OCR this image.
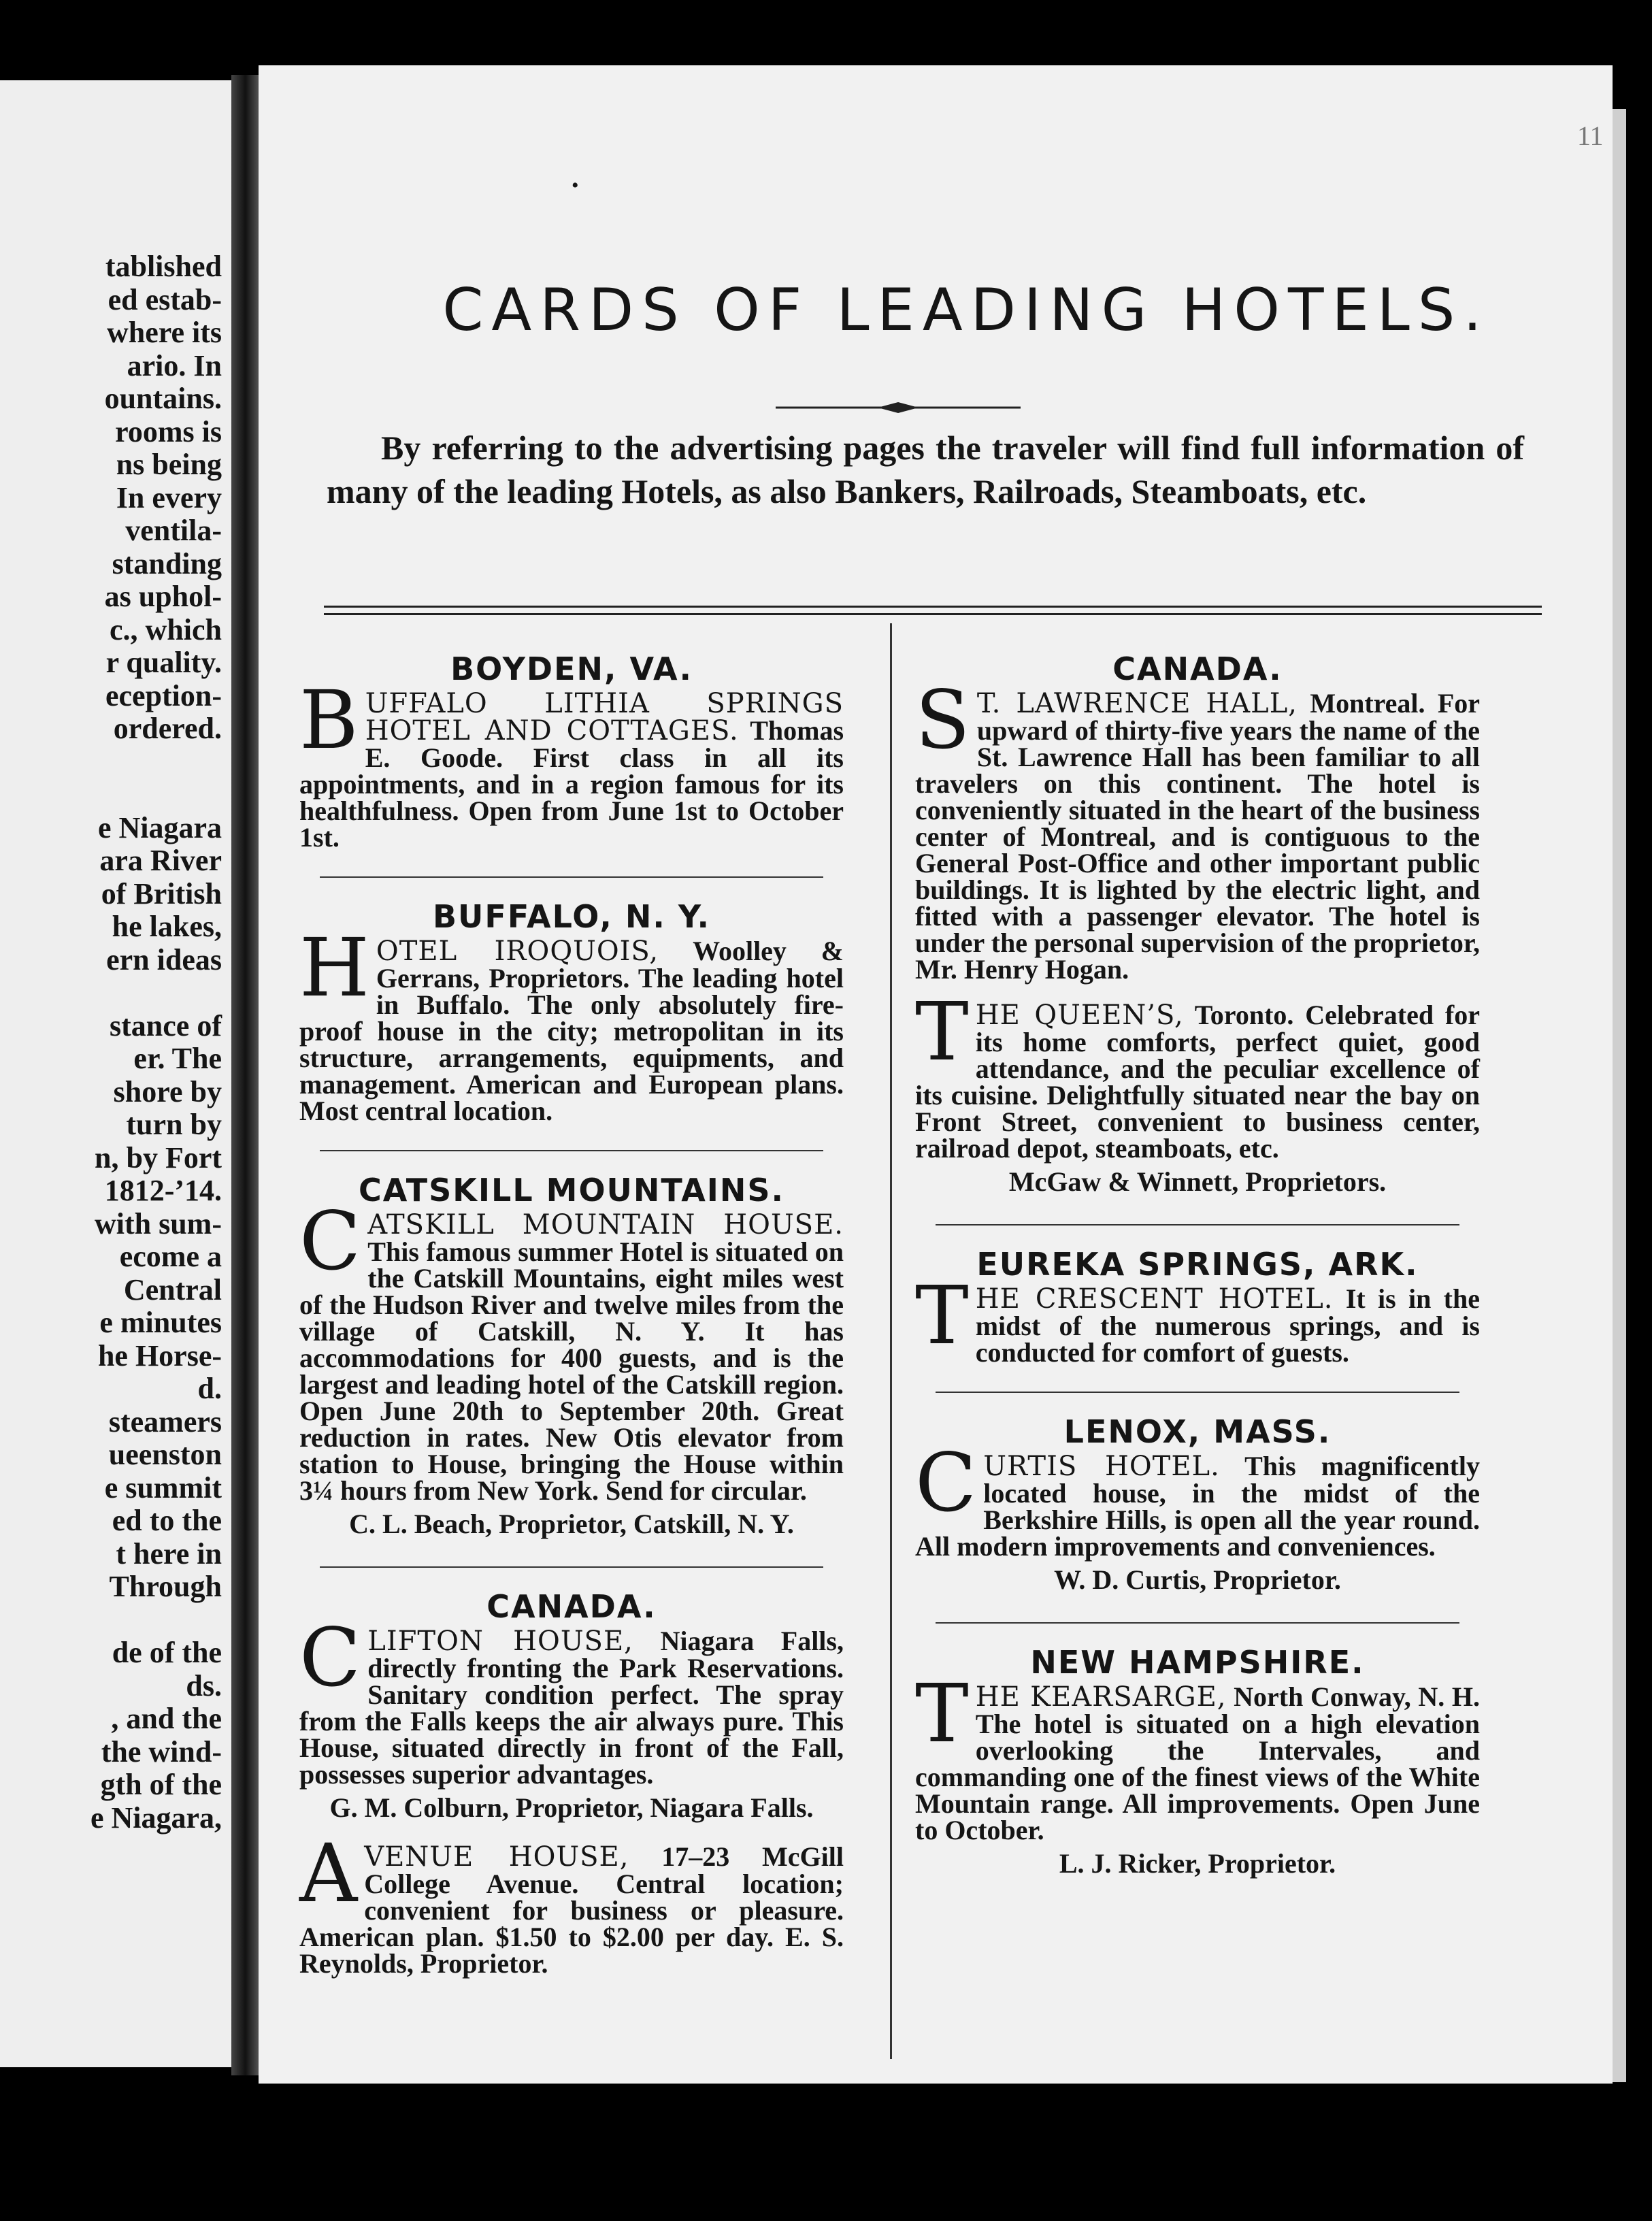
tablished
ed estab-
where its
ario. In
ountains.
rooms is
ns being
In every
ventila-
standing
as uphol-
c., which
r quality.
eception-
ordered.

e Niagara
ara River
of British
he lakes,
ern ideas

stance of
er. The
shore by
turn by
n, by Fort
1812-’14.
with sum-
ecome a
Central
e minutes
he Horse-
d.
steamers
ueenston
e summit
ed to the
t here in
Through

de of the
ds.
, and the
the wind-
gth of the
e Niagara,
11
•
CARDS OF LEADING HOTELS.

By referring to the advertising pages the traveler will find full information of many of the leading Hotels, as also Bankers, Railroads, Steamboats, etc.

BOYDEN, VA.

BUFFALO LITHIA SPRINGS HOTEL AND COTTAGES. Thomas E. Goode. First class in all its appointments, and in a region famous for its healthfulness. Open from June 1st to October 1st.

BUFFALO, N. Y.

HOTEL IROQUOIS, Woolley & Gerrans, Proprietors. The leading hotel in Buffalo. The only absolutely fire-proof house in the city; metropolitan in its structure, arrangements, equipments, and management. American and European plans. Most central location.

CATSKILL MOUNTAINS.

CATSKILL MOUNTAIN HOUSE. This famous summer Hotel is situated on the Catskill Mountains, eight miles west of the Hudson River and twelve miles from the village of Catskill, N. Y. It has accommodations for 400 guests, and is the largest and leading hotel of the Catskill region. Open June 20th to September 20th. Great reduction in rates. New Otis elevator from station to House, bringing the House within 3¼ hours from New York. Send for circular.

C. L. Beach, Proprietor, Catskill, N. Y.

CANADA.

CLIFTON HOUSE, Niagara Falls, directly fronting the Park Reservations. Sanitary condition perfect. The spray from the Falls keeps the air always pure. This House, situated directly in front of the Fall, possesses superior advantages.

G. M. Colburn, Proprietor, Niagara Falls.

AVENUE HOUSE, 17–23 McGill College Avenue. Central location; convenient for business or pleasure. American plan. $1.50 to $2.00 per day. E. S. Reynolds, Proprietor.

CANADA.

S T. LAWRENCE HALL, Montreal. For upward of thirty-five years the name of the St. Lawrence Hall has been familiar to all travelers on this continent. The hotel is conveniently situated in the heart of the business center of Montreal, and is contiguous to the General Post-Office and other important public buildings. It is lighted by the electric light, and fitted with a passenger elevator. The hotel is under the personal supervision of the proprietor, Mr. Henry Hogan.

THE QUEEN’S, Toronto. Celebrated for its home comforts, perfect quiet, good attendance, and the peculiar excellence of its cuisine. Delightfully situated near the bay on Front Street, convenient to business center, railroad depot, steamboats, etc.

McGaw & Winnett, Proprietors.

EUREKA SPRINGS, ARK.

THE CRESCENT HOTEL. It is in the midst of the numerous springs, and is conducted for comfort of guests.

LENOX, MASS.

CURTIS HOTEL. This magnificently located house, in the midst of the Berkshire Hills, is open all the year round. All modern improvements and conveniences.

W. D. Curtis, Proprietor.

NEW HAMPSHIRE.

THE KEARSARGE, North Conway, N. H. The hotel is situated on a high elevation overlooking the Intervales, and commanding one of the finest views of the White Mountain range. All improvements. Open June to October.

L. J. Ricker, Proprietor.
